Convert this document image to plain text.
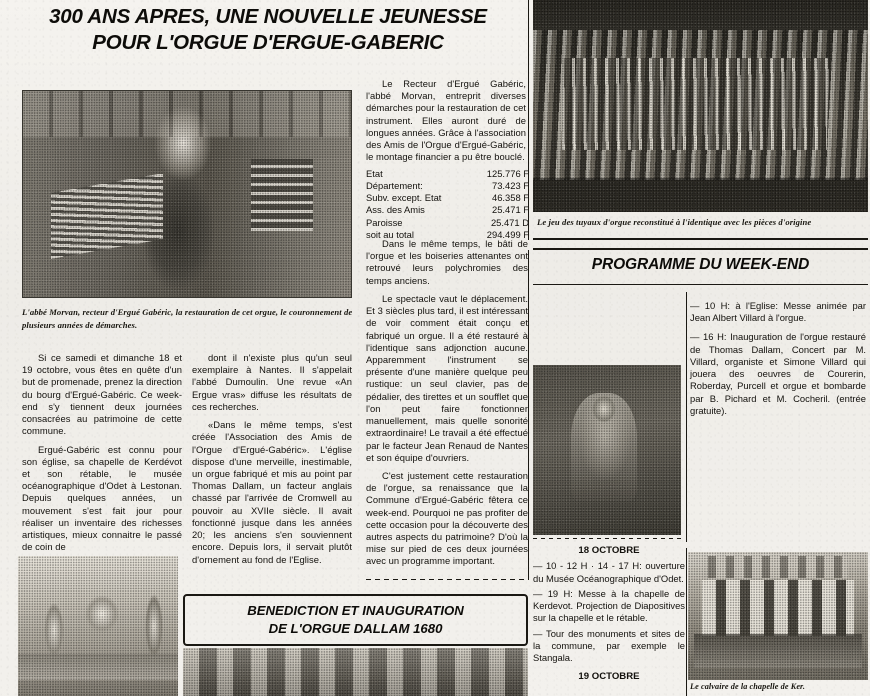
300 ANS APRES, UNE NOUVELLE JEUNESSE
POUR L'ORGUE D'ERGUE-GABERIC
L'abbé Morvan, recteur d'Ergué Gabéric, la restauration de cet orgue, le couronnement de plusieurs années de démarches.
Le jeu des tuyaux d'orgue reconstitué à l'identique avec les pièces d'origine
Le calvaire de la chapelle de Ker.

Si ce samedi et dimanche 18 et 19 octobre, vous êtes en quête d'un but de promenade, prenez la direction du bourg d'Ergué-Gabéric. Ce week-end s'y tiennent deux journées consacrées au patrimoine de cette commune.

Ergué-Gabéric est connu pour son église, sa chapelle de Kerdévot et son rétable, le musée océanographique d'Odet à Lestonan. Depuis quelques années, un mouvement s'est fait jour pour réaliser un inventaire des richesses artistiques, mieux connaitre le passé de coin de

dont il n'existe plus qu'un seul exemplaire à Nantes. Il s'appelait l'abbé Dumoulin. Une revue «An Ergue vras» diffuse les résultats de ces recherches.

«Dans le même temps, s'est créée l'Association des Amis de l'Orgue d'Ergué-Gabéric». L'église dispose d'une merveille, inestimable, un orgue fabriqué et mis au point par Thomas Dallam, un facteur anglais chassé par l'arrivée de Cromwell au pouvoir au XVIIe siècle. Il avait fonctionné jusque dans les années 20; les anciens s'en souviennent encore. Depuis lors, il servait plutôt d'ornement au fond de l'Eglise.

Le Recteur d'Ergué Gabéric, l'abbé Morvan, entreprit diverses démarches pour la restauration de cet instrument. Elles auront duré de longues années. Grâce à l'association des Amis de l'Orgue d'Ergué-Gabéric, le montage financier a pu être bouclé.

Etat	125.776 F
Département:	73.423 F
Subv. except. Etat	46.358 F
Ass. des Amis	25.471 F
Paroisse	25.471 D
soit au total	294.499 F

Dans le même temps, le bâti de l'orgue et les boiseries attenantes ont retrouvé leurs polychromies des temps anciens.

Le spectacle vaut le déplacement. Et 3 siècles plus tard, il est intéressant de voir comment était conçu et fabriqué un orgue. Il a été restauré à l'identique sans adjonction aucune. Apparemment l'instrument se présente d'une manière quelque peu rustique: un seul clavier, pas de pédalier, des tirettes et un soufflet que l'on peut faire fonctionner manuellement, mais quelle sonorité extraordinaire! Le travail a été effectué par le facteur Jean Renaud de Nantes et son équipe d'ouvriers.

C'est justement cette restauration de l'orgue, sa renaissance que la Commune d'Ergué-Gabéric fêtera ce week-end. Pourquoi ne pas profiter de cette occasion pour la découverte des autres aspects du patrimoine? D'où la mise sur pied de ces deux journées avec un programme important.

PROGRAMME DU WEEK-END

— 10 H: à l'Eglise: Messe animée par Jean Albert Villard à l'orgue.

— 16 H: Inauguration de l'orgue restauré de Thomas Dallam, Concert par M. Villard, organiste et Simone Villard qui jouera des oeuvres de Courerin, Roberday, Purcell et orgue et bombarde par B. Pichard et M. Cocheril. (entrée gratuite).

18 OCTOBRE

— 10 - 12 H · 14 - 17 H: ouverture du Musée Océanographique d'Odet.

— 19 H: Messe à la chapelle de Kerdevot. Projection de Diapositives sur la chapelle et le rétable.

— Tour des monuments et sites de la commune, par exemple le Stangala.

19 OCTOBRE

BENEDICTION ET INAUGURATION
DE L'ORGUE DALLAM 1680
